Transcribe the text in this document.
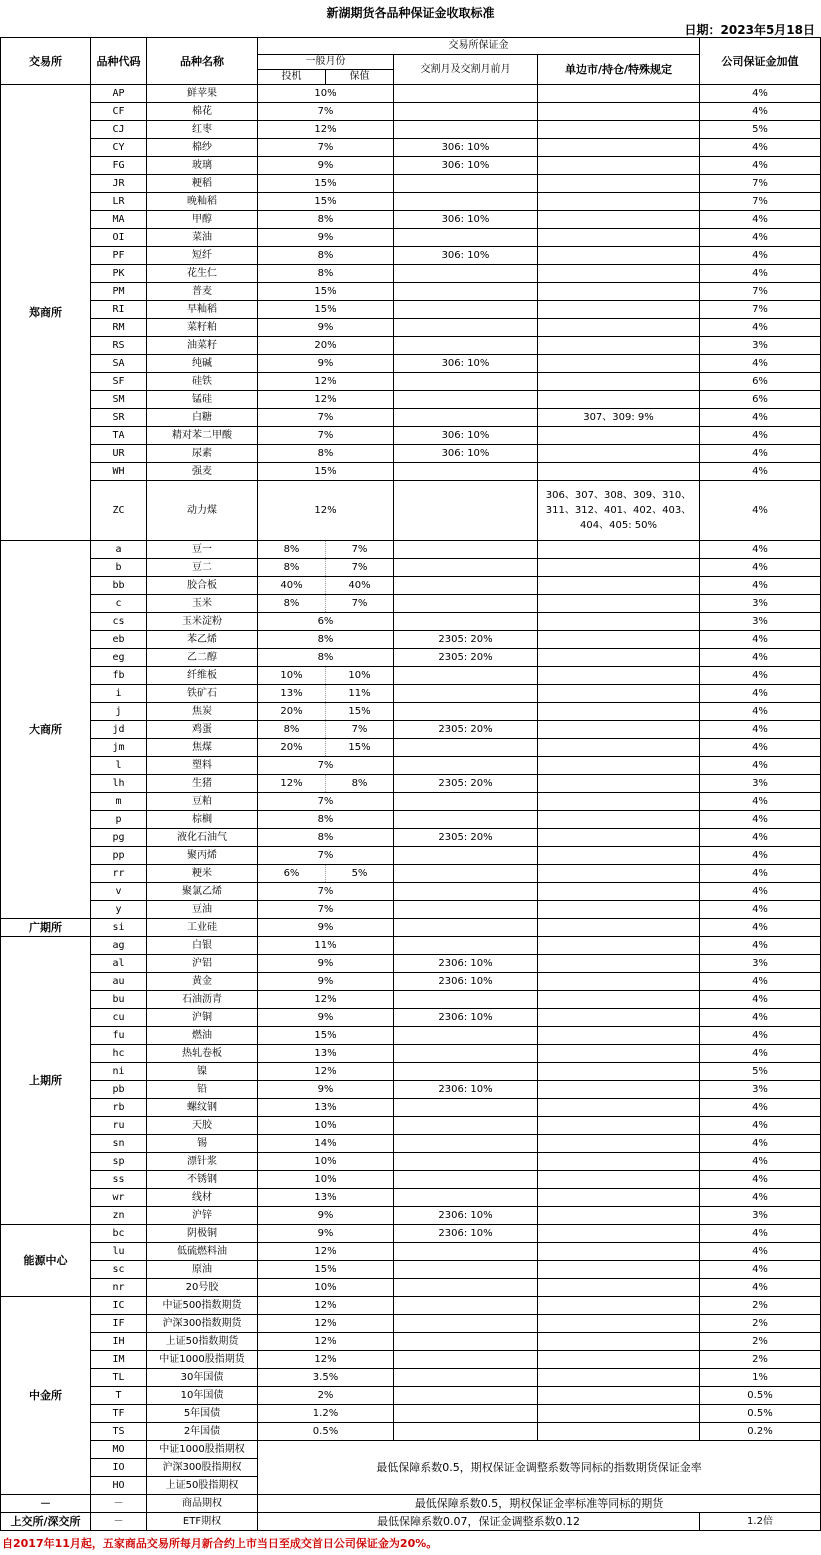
新湖期货各品种保证金收取标准
日期：2023年5月18日
交易所	品种代码	品种名称	交易所保证金				公司保证金加值
			一般月份		交割月及交割月前月	单边市/持仓/特殊规定	
			投机	保值			
郑商所	AP	鲜苹果	10%				4%
	CF	棉花	7%				4%
	CJ	红枣	12%				5%
	CY	棉纱	7%		306: 10%		4%
	FG	玻璃	9%		306: 10%		4%
	JR	粳稻	15%				7%
	LR	晚籼稻	15%				7%
	MA	甲醇	8%		306: 10%		4%
	OI	菜油	9%				4%
	PF	短纤	8%		306: 10%		4%
	PK	花生仁	8%				4%
	PM	普麦	15%				7%
	RI	早籼稻	15%				7%
	RM	菜籽粕	9%				4%
	RS	油菜籽	20%				3%
	SA	纯碱	9%		306: 10%		4%
	SF	硅铁	12%				6%
	SM	锰硅	12%				6%
	SR	白糖	7%			307、309: 9%	4%
	TA	精对苯二甲酸	7%		306: 10%		4%
	UR	尿素	8%		306: 10%		4%
	WH	强麦	15%				4%
	ZC	动力煤	12%			306、307、308、309、310、311、312、401、402、403、404、405: 50%	4%
大商所	a	豆一	8%	7%			4%
	b	豆二	8%	7%			4%
	bb	胶合板	40%	40%			4%
	c	玉米	8%	7%			3%
	cs	玉米淀粉	6%				3%
	eb	苯乙烯	8%		2305: 20%		4%
	eg	乙二醇	8%		2305: 20%		4%
	fb	纤维板	10%	10%			4%
	i	铁矿石	13%	11%			4%
	j	焦炭	20%	15%			4%
	jd	鸡蛋	8%	7%	2305: 20%		4%
	jm	焦煤	20%	15%			4%
	l	塑料	7%				4%
	lh	生猪	12%	8%	2305: 20%		3%
	m	豆粕	7%				4%
	p	棕榈	8%				4%
	pg	液化石油气	8%		2305: 20%		4%
	pp	聚丙烯	7%				4%
	rr	粳米	6%	5%			4%
	v	聚氯乙烯	7%				4%
	y	豆油	7%				4%
广期所	si	工业硅	9%				4%
上期所	ag	白银	11%				4%
	al	沪铝	9%		2306: 10%		3%
	au	黄金	9%		2306: 10%		4%
	bu	石油沥青	12%				4%
	cu	沪铜	9%		2306: 10%		4%
	fu	燃油	15%				4%
	hc	热轧卷板	13%				4%
	ni	镍	12%				5%
	pb	铅	9%		2306: 10%		3%
	rb	螺纹钢	13%				4%
	ru	天胶	10%				4%
	sn	锡	14%				4%
	sp	漂针浆	10%				4%
	ss	不锈钢	10%				4%
	wr	线材	13%				4%
	zn	沪锌	9%		2306: 10%		3%
能源中心	bc	阴极铜	9%		2306: 10%		4%
	lu	低硫燃料油	12%				4%
	sc	原油	15%				4%
	nr	20号胶	10%				4%
中金所	IC	中证500指数期货	12%				2%
	IF	沪深300指数期货	12%				2%
	IH	上证50指数期货	12%				2%
	IM	中证1000股指期货	12%				2%
	TL	30年国债	3.5%				1%
	T	10年国债	2%				0.5%
	TF	5年国债	1.2%				0.5%
	TS	2年国债	0.5%				0.2%
	MO	中证1000股指期权	最低保障系数0.5，期权保证金调整系数等同标的指数期货保证金率				
	IO	沪深300股指期权					
	HO	上证50股指期权					
－	－	商品期权	最低保障系数0.5，期权保证金率标准等同标的期货				
上交所/深交所	－	ETF期权	最低保障系数0.07，保证金调整系数0.12				1.2倍
自2017年11月起，五家商品交易所每月新合约上市当日至成交首日公司保证金为20%。
